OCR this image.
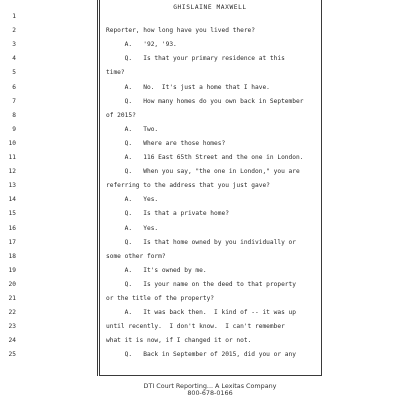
GHISLAINE MAXWELL
1
2	Reporter, how long have you lived there?
3	A.   '92, '93.
4	Q.   Is that your primary residence at this
5	time?
6	A.   No.  It's just a home that I have.
7	Q.   How many homes do you own back in September
8	of 2015?
9	A.   Two.
10	Q.   Where are those homes?
11	A.   116 East 65th Street and the one in London.
12	Q.   When you say, "the one in London," you are
13	referring to the address that you just gave?
14	A.   Yes.
15	Q.   Is that a private home?
16	A.   Yes.
17	Q.   Is that home owned by you individually or
18	some other form?
19	A.   It's owned by me.
20	Q.   Is your name on the deed to that property
21	or the title of the property?
22	A.   It was back then.  I kind of -- it was up
23	until recently.  I don't know.  I can't remember
24	what it is now, if I changed it or not.
25	Q.   Back in September of 2015, did you or any
DTI Court Reporting... A Lexitas Company
800-678-0166
